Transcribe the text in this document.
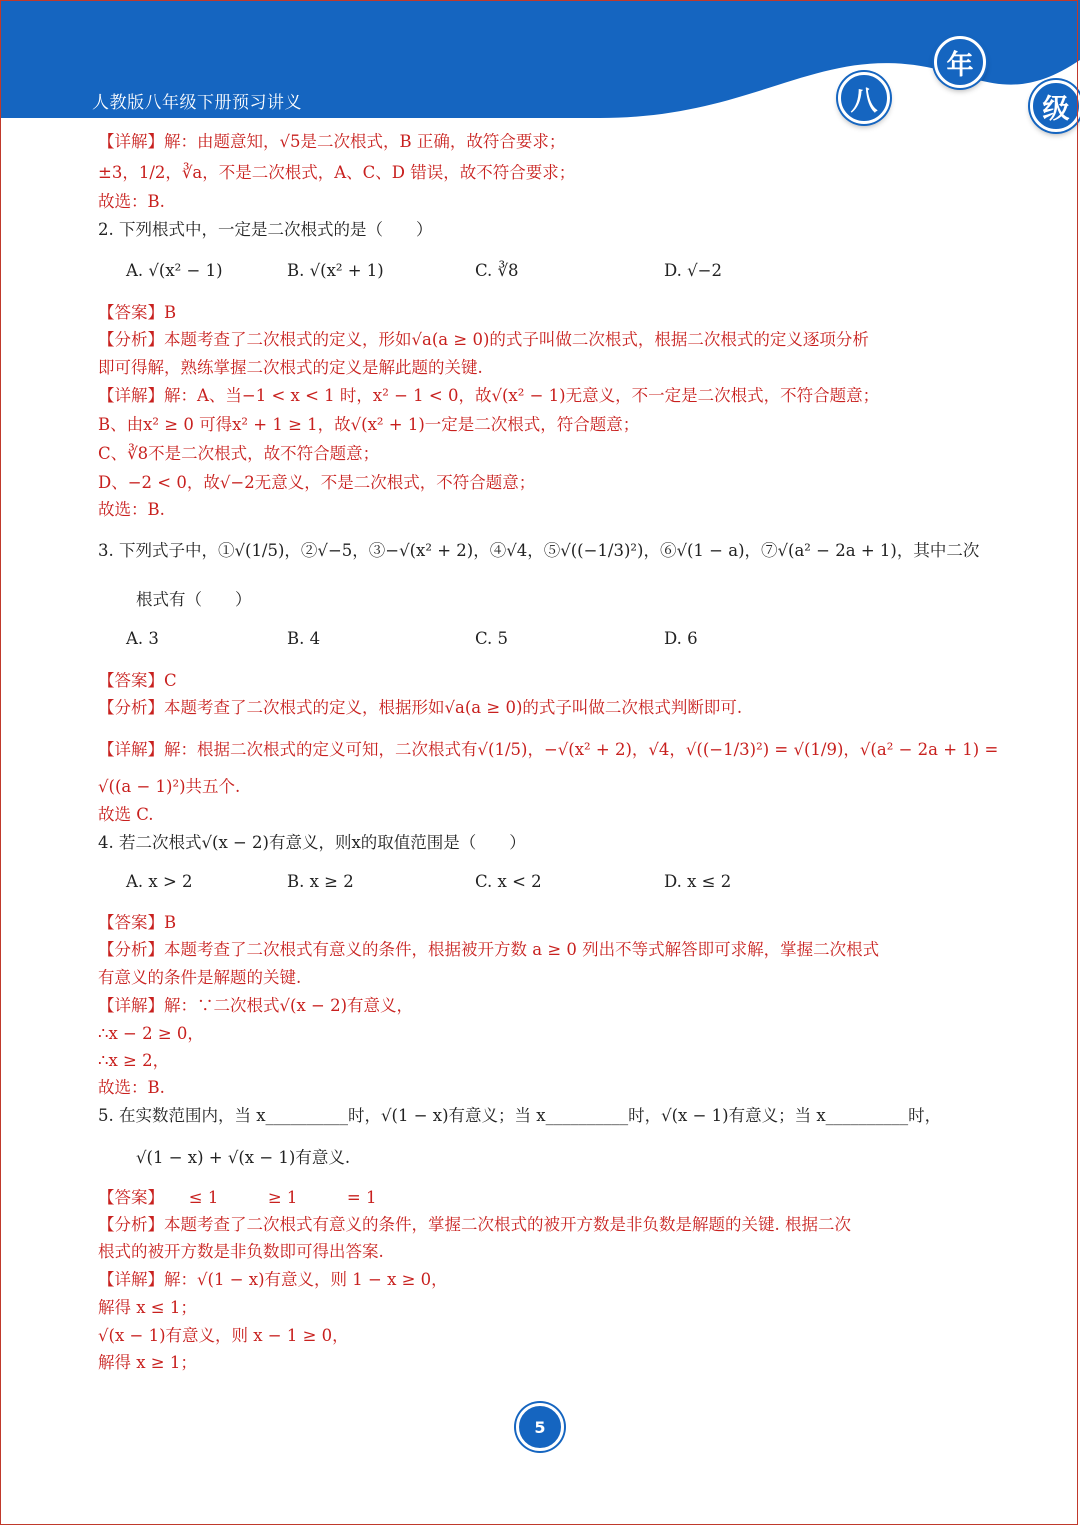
人教版八年级下册预习讲义	八
年
级
【详解】解：由题意知，√5是二次根式，B 正确，故符合要求；
±3，1/2，∛a，不是二次根式，A、C、D 错误，故不符合要求；
故选：B.
2. 下列根式中，一定是二次根式的是（　　）
A. √(x² − 1)	B. √(x² + 1)	C. ∛8	D. √−2
【答案】B
【分析】本题考查了二次根式的定义，形如√a(a ≥ 0)的式子叫做二次根式，根据二次根式的定义逐项分析
即可得解，熟练掌握二次根式的定义是解此题的关键.
【详解】解：A、当−1 < x < 1 时，x² − 1 < 0，故√(x² − 1)无意义，不一定是二次根式，不符合题意；
B、由x² ≥ 0 可得x² + 1 ≥ 1，故√(x² + 1)一定是二次根式，符合题意；
C、∛8不是二次根式，故不符合题意；
D、−2 < 0，故√−2无意义，不是二次根式，不符合题意；
故选：B.
3. 下列式子中，①√(1/5)，②√−5，③−√(x² + 2)，④√4，⑤√((−1/3)²)，⑥√(1 − a)，⑦√(a² − 2a + 1)，其中二次
根式有（　　）
A. 3	B. 4	C. 5	D. 6
【答案】C
【分析】本题考查了二次根式的定义，根据形如√a(a ≥ 0)的式子叫做二次根式判断即可.
【详解】解：根据二次根式的定义可知，二次根式有√(1/5)，−√(x² + 2)，√4，√((−1/3)²) = √(1/9)，√(a² − 2a + 1) =
√((a − 1)²)共五个.
故选 C.
4. 若二次根式√(x − 2)有意义，则x的取值范围是（　　）
A. x > 2	B. x ≥ 2	C. x < 2	D. x ≤ 2
【答案】B
【分析】本题考查了二次根式有意义的条件，根据被开方数 a ≥ 0 列出不等式解答即可求解，掌握二次根式
有意义的条件是解题的关键.
【详解】解：∵二次根式√(x − 2)有意义，
∴x − 2 ≥ 0，
∴x ≥ 2，
故选：B.
5. 在实数范围内，当 x__________时，√(1 − x)有意义；当 x__________时，√(x − 1)有意义；当 x__________时，
√(1 − x) + √(x − 1)有意义.
【答案】　　≤ 1　　　≥ 1　　　= 1
【分析】本题考查了二次根式有意义的条件，掌握二次根式的被开方数是非负数是解题的关键. 根据二次
根式的被开方数是非负数即可得出答案.
【详解】解：√(1 − x)有意义，则 1 − x ≥ 0，
解得 x ≤ 1；
√(x − 1)有意义，则 x − 1 ≥ 0，
解得 x ≥ 1；
5
